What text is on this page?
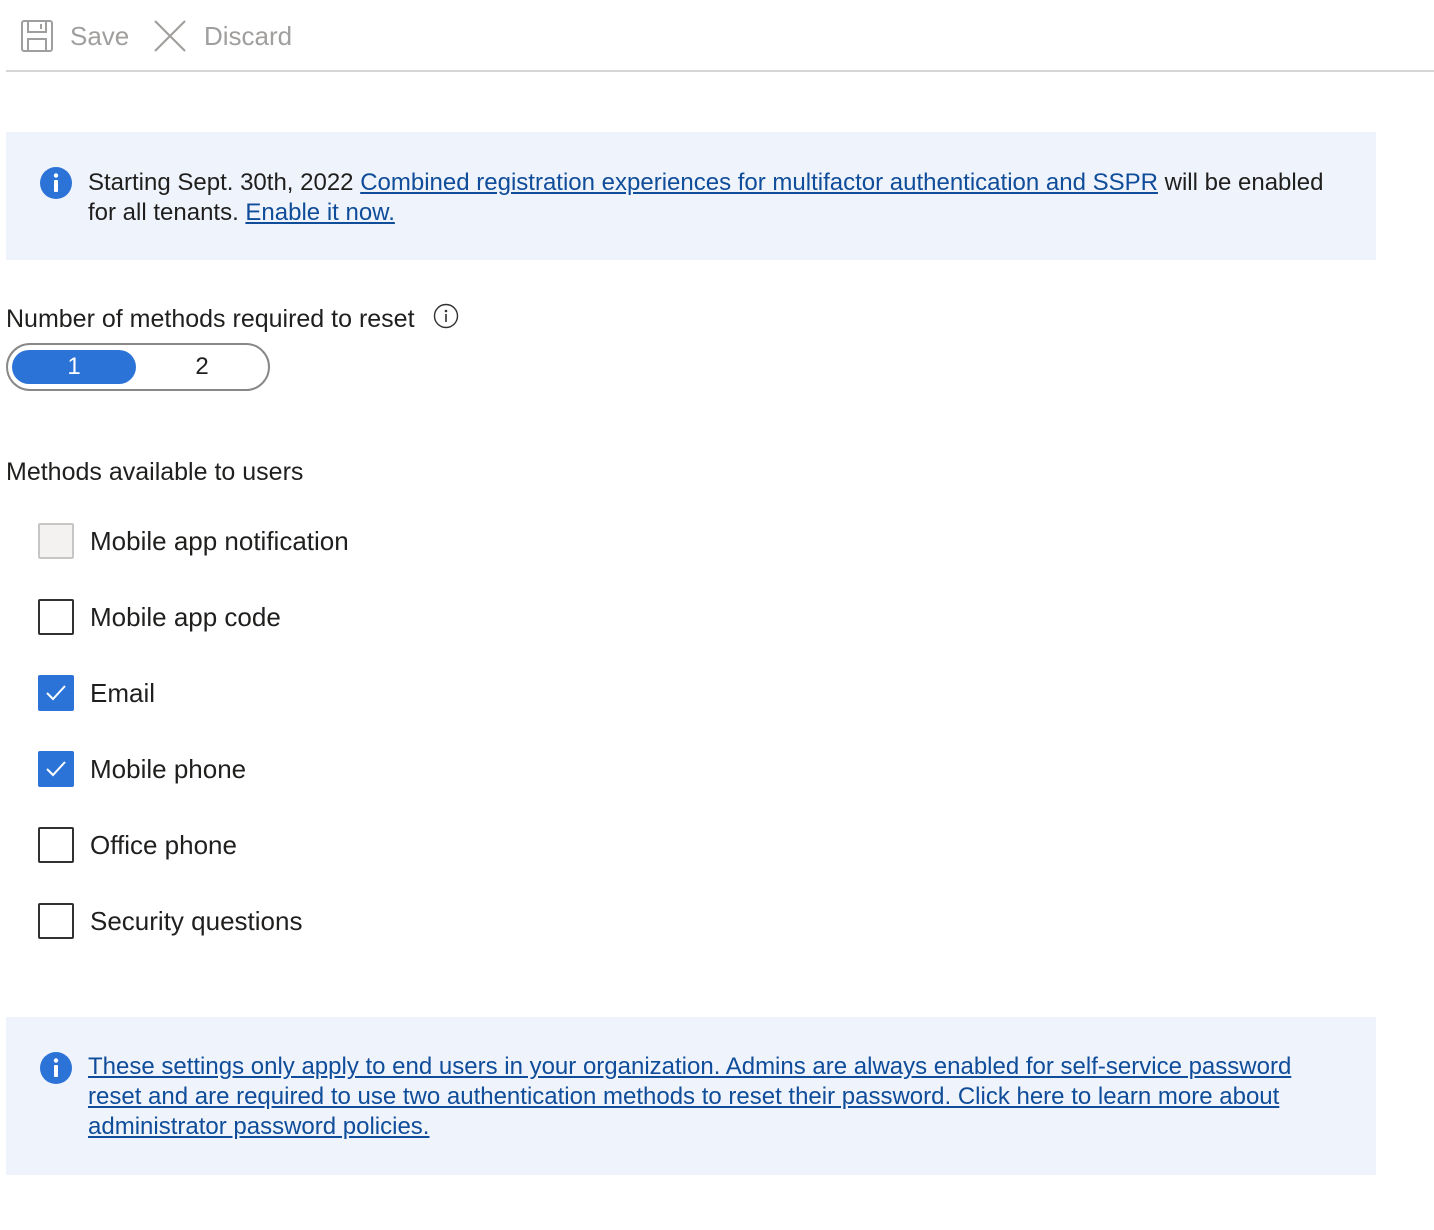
Save	Discard
Starting Sept. 30th, 2022 Combined registration experiences for multifactor authentication and SSPR will be enabled for all tenants. Enable it now.
Number of methods required to reset
1	2
Methods available to users
Mobile app notification
Mobile app code
Email
Mobile phone
Office phone
Security questions
These settings only apply to end users in your organization. Admins are always enabled for self-service password reset and are required to use two authentication methods to reset their password. Click here to learn more about administrator password policies.
